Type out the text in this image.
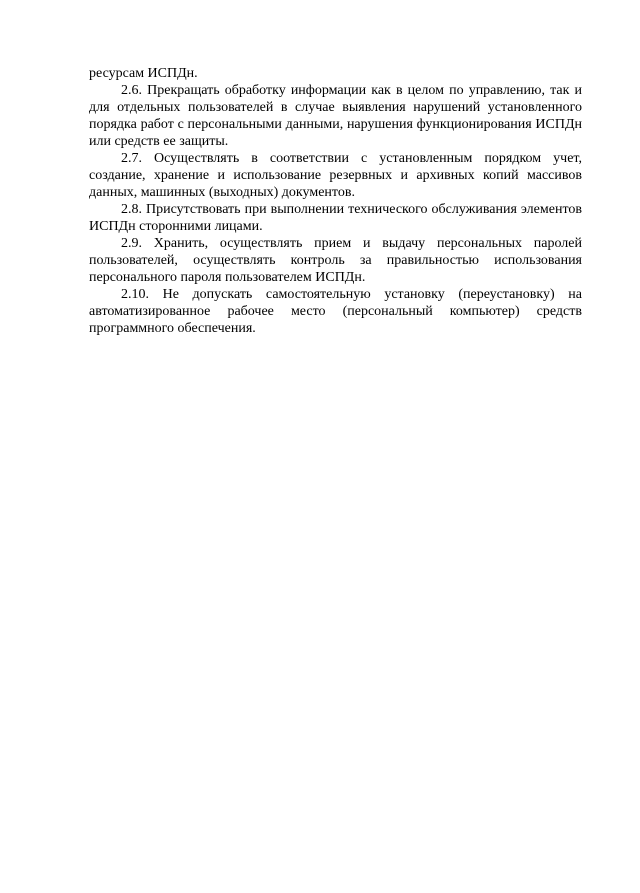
ресурсам ИСПДн.

2.6. Прекращать обработку информации как в целом по управлению, так и для отдельных пользователей в случае выявления нарушений установленного порядка работ с персональными данными, нарушения функционирования ИСПДн или средств ее защиты.

2.7. Осуществлять в соответствии с установленным порядком учет, создание, хранение и использование резервных и архивных копий массивов данных, машинных (выходных) документов.

2.8. Присутствовать при выполнении технического обслуживания элементов ИСПДн сторонними лицами.

2.9. Хранить, осуществлять прием и выдачу персональных паролей пользователей, осуществлять контроль за правильностью использования персонального пароля пользователем ИСПДн.

2.10. Не допускать самостоятельную установку (переустановку) на автоматизированное рабочее место (персональный компьютер) средств программного обеспечения.
